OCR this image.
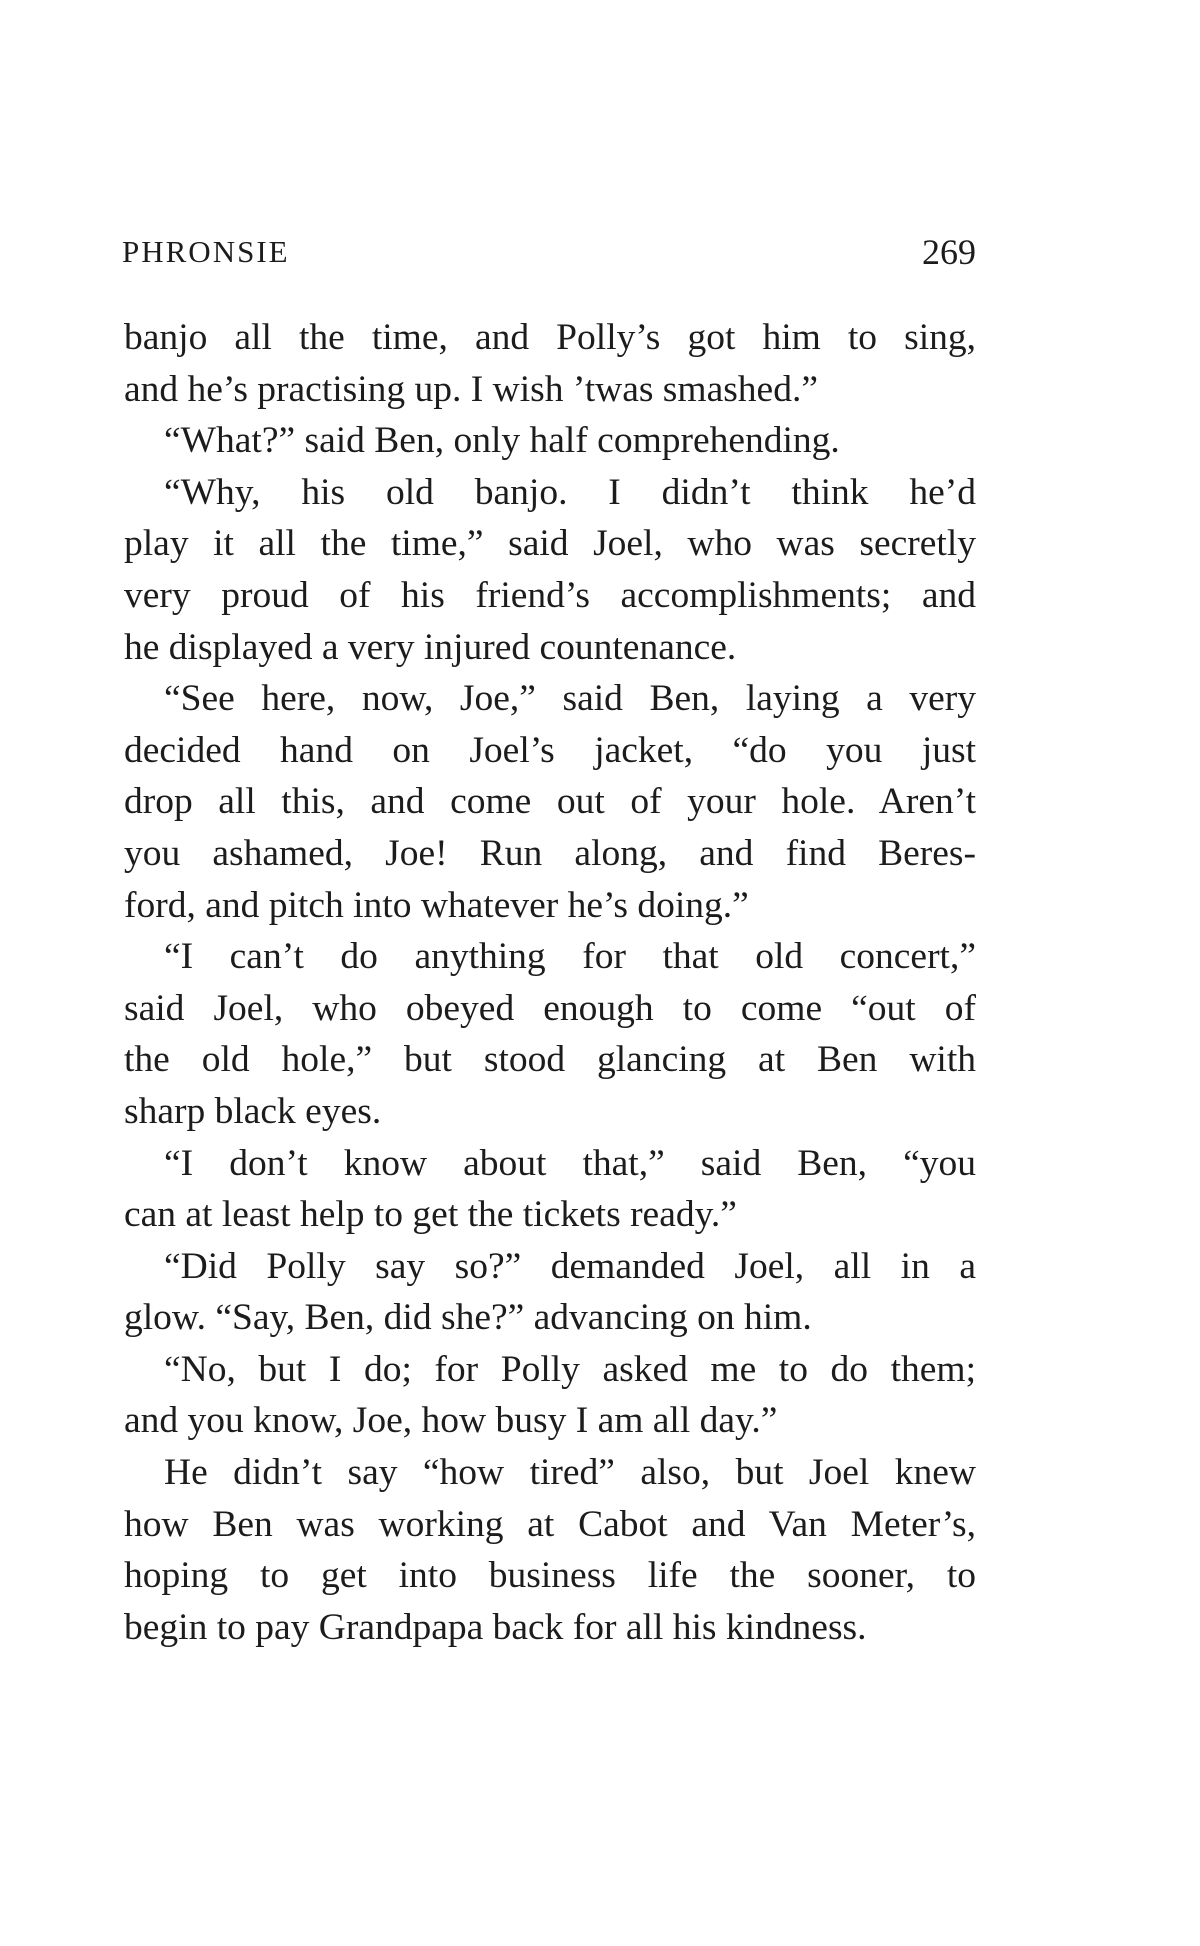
PHRONSIE	269
banjo all the time, and Polly’s got him to sing,
and he’s practising up. I wish ’twas smashed.”
“What?” said Ben, only half comprehending.
“Why, his old banjo. I didn’t think he’d
play it all the time,” said Joel, who was secretly
very proud of his friend’s accomplishments; and
he displayed a very injured countenance.
“See here, now, Joe,” said Ben, laying a very
decided hand on Joel’s jacket, “do you just
drop all this, and come out of your hole. Aren’t
you ashamed, Joe! Run along, and find Beres-
ford, and pitch into whatever he’s doing.”
“I can’t do anything for that old concert,”
said Joel, who obeyed enough to come “out of
the old hole,” but stood glancing at Ben with
sharp black eyes.
“I don’t know about that,” said Ben, “you
can at least help to get the tickets ready.”
“Did Polly say so?” demanded Joel, all in a
glow. “Say, Ben, did she?” advancing on him.
“No, but I do; for Polly asked me to do them;
and you know, Joe, how busy I am all day.”
He didn’t say “how tired” also, but Joel knew
how Ben was working at Cabot and Van Meter’s,
hoping to get into business life the sooner, to
begin to pay Grandpapa back for all his kindness.
